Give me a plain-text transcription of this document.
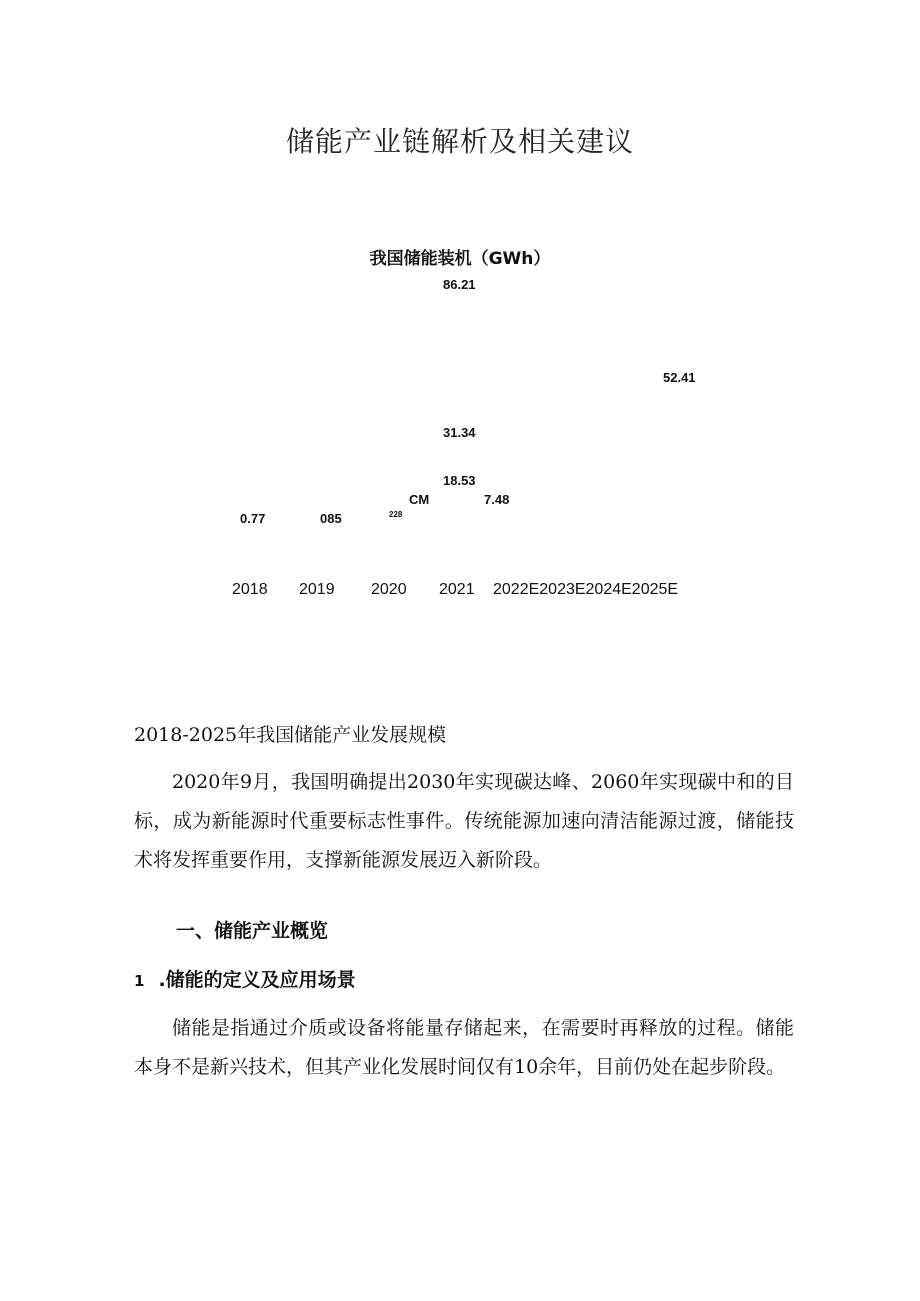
储能产业链解析及相关建议
我国储能装机（GWh）
0.77	085	228
CM	7.48
18.53
31.34
52.41
86.21
2018 2019 2020 2021 2022E2023E2024E2025E
2018-2025年我国储能产业发展规模
2020年9月，我国明确提出2030年实现碳达峰、2060年实现碳中和的目标，成为新能源时代重要标志性事件。传统能源加速向清洁能源过渡，储能技术将发挥重要作用，支撑新能源发展迈入新阶段。
一、储能产业概览
1 .储能的定义及应用场景
储能是指通过介质或设备将能量存储起来，在需要时再释放的过程。储能本身不是新兴技术，但其产业化发展时间仅有10余年，目前仍处在起步阶段。
